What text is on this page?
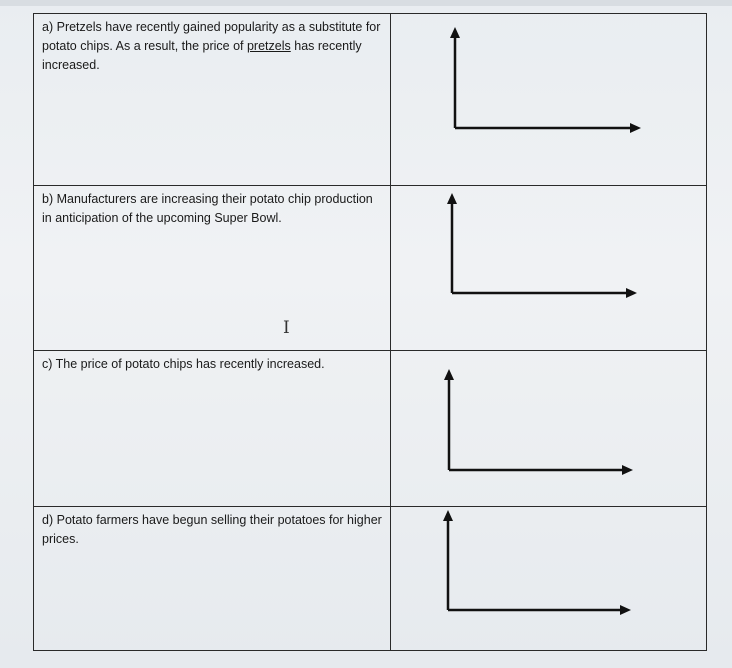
a) Pretzels have recently gained popularity as a substitute for potato chips. As a result, the price of pretzels has recently increased.

b) Manufacturers are increasing their potato chip production in anticipation of the upcoming Super Bowl.
I

c) The price of potato chips has recently increased.

d) Potato farmers have begun selling their potatoes for higher prices.
